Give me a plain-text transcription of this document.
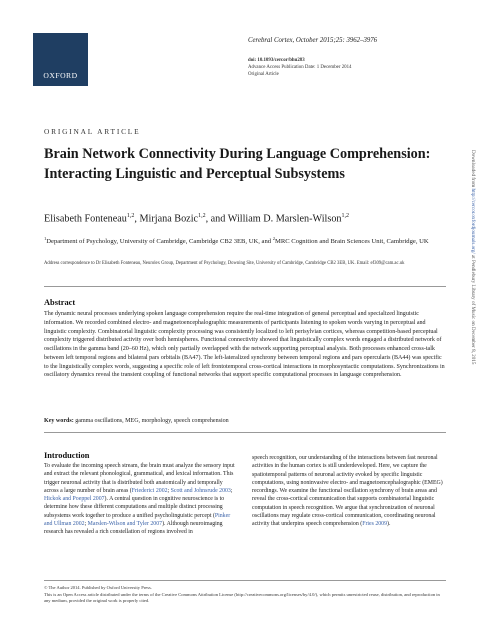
OXFORD
Cerebral Cortex, October 2015;25: 3962–3976
doi: 10.1093/cercor/bhu283
Advance Access Publication Date: 1 December 2014
Original Article
ORIGINAL ARTICLE
Brain Network Connectivity During Language Comprehension: Interacting Linguistic and Perceptual Subsystems
Elisabeth Fonteneau$^{1,2}$, Mirjana Bozic$^{1,2}$, and William D. Marslen-Wilson$^{1,2}$
$^1$Department of Psychology, University of Cambridge, Cambridge CB2 3EB, UK, and $^2$MRC Cognition and Brain Sciences Unit, Cambridge, UK
Address correspondence to Dr Elisabeth Fonteneau, Neurolex Group, Department of Psychology, Downing Site, University of Cambridge, Cambridge CB2 3EB, UK. Email: ef309@cam.ac.uk
Abstract
The dynamic neural processes underlying spoken language comprehension require the real-time integration of general perceptual and specialized linguistic information. We recorded combined electro- and magnetoencephalographic measurements of participants listening to spoken words varying in perceptual and linguistic complexity. Combinatorial linguistic complexity processing was consistently localized to left perisylvian cortices, whereas competition-based perceptual complexity triggered distributed activity over both hemispheres. Functional connectivity showed that linguistically complex words engaged a distributed network of oscillations in the gamma band (20–60 Hz), which only partially overlapped with the network supporting perceptual analysis. Both processes enhanced cross-talk between left temporal regions and bilateral pars orbitalis (BA47). The left-lateralized synchrony between temporal regions and pars opercularis (BA44) was specific to the linguistically complex words, suggesting a specific role of left frontotemporal cross-cortical interactions in morphosyntactic computations. Synchronizations in oscillatory dynamics reveal the transient coupling of functional networks that support specific computational processes in language comprehension.
Key words: gamma oscillations, MEG, morphology, speech comprehension
Introduction
To evaluate the incoming speech stream, the brain must analyze the sensory input and extract the relevant phonological, grammatical, and lexical information. This trigger neuronal activity that is distributed both anatomically and temporally across a large number of brain areas (Friederici 2002; Scott and Johnsrude 2003; Hickok and Poeppel 2007). A central question in cognitive neuroscience is to determine how these different computations and multiple distinct processing subsystems work together to produce a unified psycholinguistic percept (Pinker and Ullman 2002; Marslen-Wilson and Tyler 2007). Although neuroimaging research has revealed a rich constellation of regions involved in
speech recognition, our understanding of the interactions between fast neuronal activities in the human cortex is still underdeveloped. Here, we capture the spatiotemporal patterns of neuronal activity evoked by specific linguistic computations, using noninvasive electro- and magnetoencephalographic (EMEG) recordings. We examine the functional oscillation synchrony of brain areas and reveal the cross-cortical communication that supports combinatorial linguistic computation in speech recognition. We argue that synchronization of neuronal oscillations may regulate cross-cortical communication, coordinating neuronal activity that underpins speech comprehension (Fries 2009).
© The Author 2014. Published by Oxford University Press.
This is an Open Access article distributed under the terms of the Creative Commons Attribution License (http://creativecommons.org/licenses/by/4.0/), which permits unrestricted reuse, distribution, and reproduction in any medium, provided the original work is properly cited.
Downloaded from http://cercor.oxfordjournals.org/ at Pendlebury Library of Music on December 8, 2015
